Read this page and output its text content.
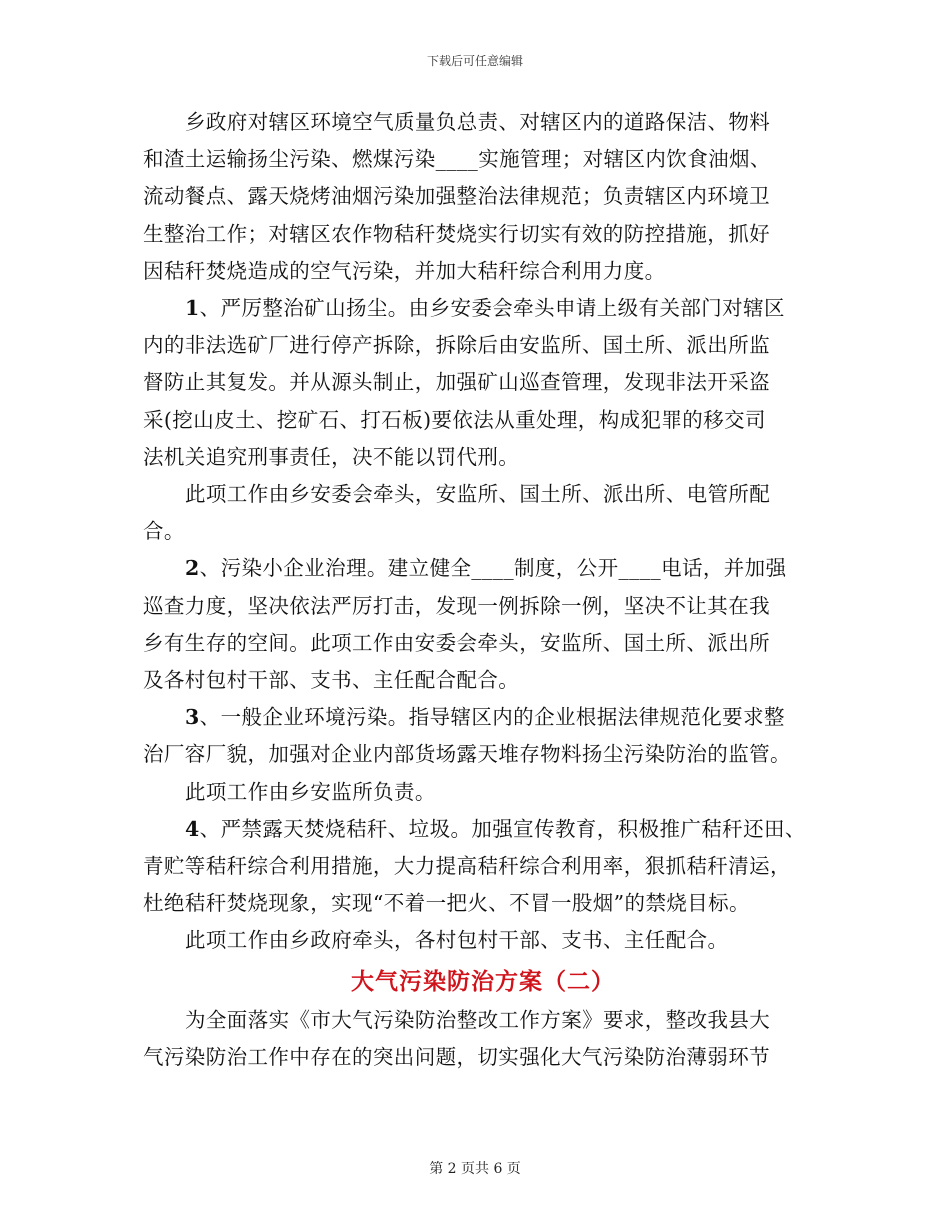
下载后可任意编辑
乡政府对辖区环境空气质量负总责、对辖区内的道路保洁、物料
和渣土运输扬尘污染、燃煤污染____实施管理；对辖区内饮食油烟、
流动餐点、露天烧烤油烟污染加强整治法律规范；负责辖区内环境卫
生整治工作；对辖区农作物秸秆焚烧实行切实有效的防控措施，抓好
因秸秆焚烧造成的空气污染，并加大秸秆综合利用力度。
1、严厉整治矿山扬尘。由乡安委会牵头申请上级有关部门对辖区
内的非法选矿厂进行停产拆除，拆除后由安监所、国土所、派出所监
督防止其复发。并从源头制止，加强矿山巡查管理，发现非法开采盗
采(挖山皮土、挖矿石、打石板)要依法从重处理，构成犯罪的移交司
法机关追究刑事责任，决不能以罚代刑。
此项工作由乡安委会牵头，安监所、国土所、派出所、电管所配
合。
2、污染小企业治理。建立健全____制度，公开____电话，并加强
巡查力度，坚决依法严厉打击，发现一例拆除一例，坚决不让其在我
乡有生存的空间。此项工作由安委会牵头，安监所、国土所、派出所
及各村包村干部、支书、主任配合配合。
3、一般企业环境污染。指导辖区内的企业根据法律规范化要求整
治厂容厂貌，加强对企业内部货场露天堆存物料扬尘污染防治的监管。
此项工作由乡安监所负责。
4、严禁露天焚烧秸秆、垃圾。加强宣传教育，积极推广秸秆还田、
青贮等秸秆综合利用措施，大力提高秸秆综合利用率，狠抓秸秆清运，
杜绝秸秆焚烧现象，实现“不着一把火、不冒一股烟”的禁烧目标。
此项工作由乡政府牵头，各村包村干部、支书、主任配合。
大气污染防治方案（二）
为全面落实《市大气污染防治整改工作方案》要求，整改我县大
气污染防治工作中存在的突出问题，切实强化大气污染防治薄弱环节
第 2 页共 6 页
